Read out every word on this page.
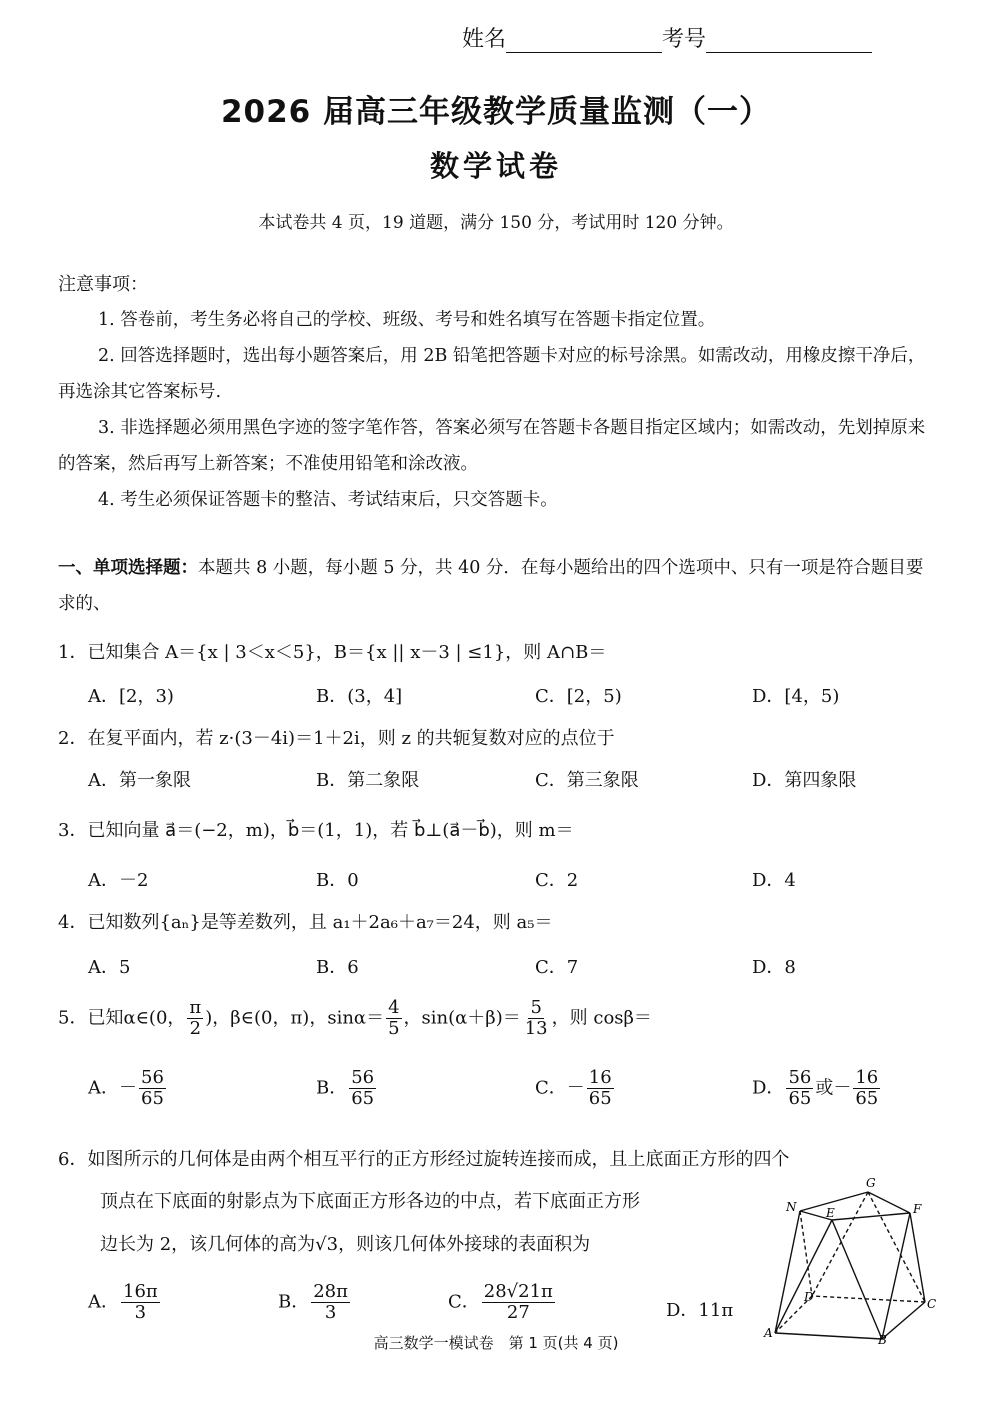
姓名	考号
2026 届高三年级教学质量监测（一）
数学试卷
本试卷共 4 页，19 道题，满分 150 分，考试用时 120 分钟。
注意事项：
1. 答卷前，考生务必将自己的学校、班级、考号和姓名填写在答题卡指定位置。
2. 回答选择题时，选出每小题答案后，用 2B 铅笔把答题卡对应的标号涂黑。如需改动，用橡皮擦干净后，再选涂其它答案标号.
3. 非选择题必须用黑色字迹的签字笔作答，答案必须写在答题卡各题目指定区域内；如需改动，先划掉原来的答案，然后再写上新答案；不准使用铅笔和涂改液。
4. 考生必须保证答题卡的整洁、考试结束后，只交答题卡。
一、单项选择题：本题共 8 小题，每小题 5 分，共 40 分．在每小题给出的四个选项中、只有一项是符合题目要求的、
1．已知集合 A＝{x | 3＜x＜5}，B＝{x || x－3 | ≤1}，则 A∩B＝
A．[2，3)	B．(3，4]	C．[2，5)	D．[4，5)
2．在复平面内，若 z·(3－4i)＝1＋2i，则 z 的共轭复数对应的点位于
A．第一象限	B．第二象限	C．第三象限	D．第四象限
3．已知向量 a⃗＝(−2，m)，b⃗＝(1，1)，若 b⃗⊥(a⃗－b⃗)，则 m＝
A．－2	B．0	C．2	D．4
4．已知数列{aₙ}是等差数列，且 a₁＋2a₆＋a₇＝24，则 a₅＝
A．5	B．6	C．7	D．8
5．已知α∈(0， $\frac{\pi}{2}$ )，β∈(0，π)，$\sin\alpha= \frac{4}{5}$ ，$\sin(\alpha+\beta)= \frac{5}{13}$ ，则 cosβ＝
A．－ $\frac{56}{65}$	B． $\frac{56}{65}$	C．－ $\frac{16}{65}$	D． $\frac{56}{65}$ 或－ $\frac{16}{65}$
6．如图所示的几何体是由两个相互平行的正方形经过旋转连接而成，且上底面正方形的四个
顶点在下底面的射影点为下底面正方形各边的中点，若下底面正方形
边长为 2，该几何体的高为√3，则该几何体外接球的表面积为
A． $\frac{16\pi}{3}$	B． $\frac{28\pi}{3}$	C． $\frac{28√21\pi}{27}$	D．11π
N
G
E	F
D	C
A	B
高三数学一模试卷　第 1 页(共 4 页)
